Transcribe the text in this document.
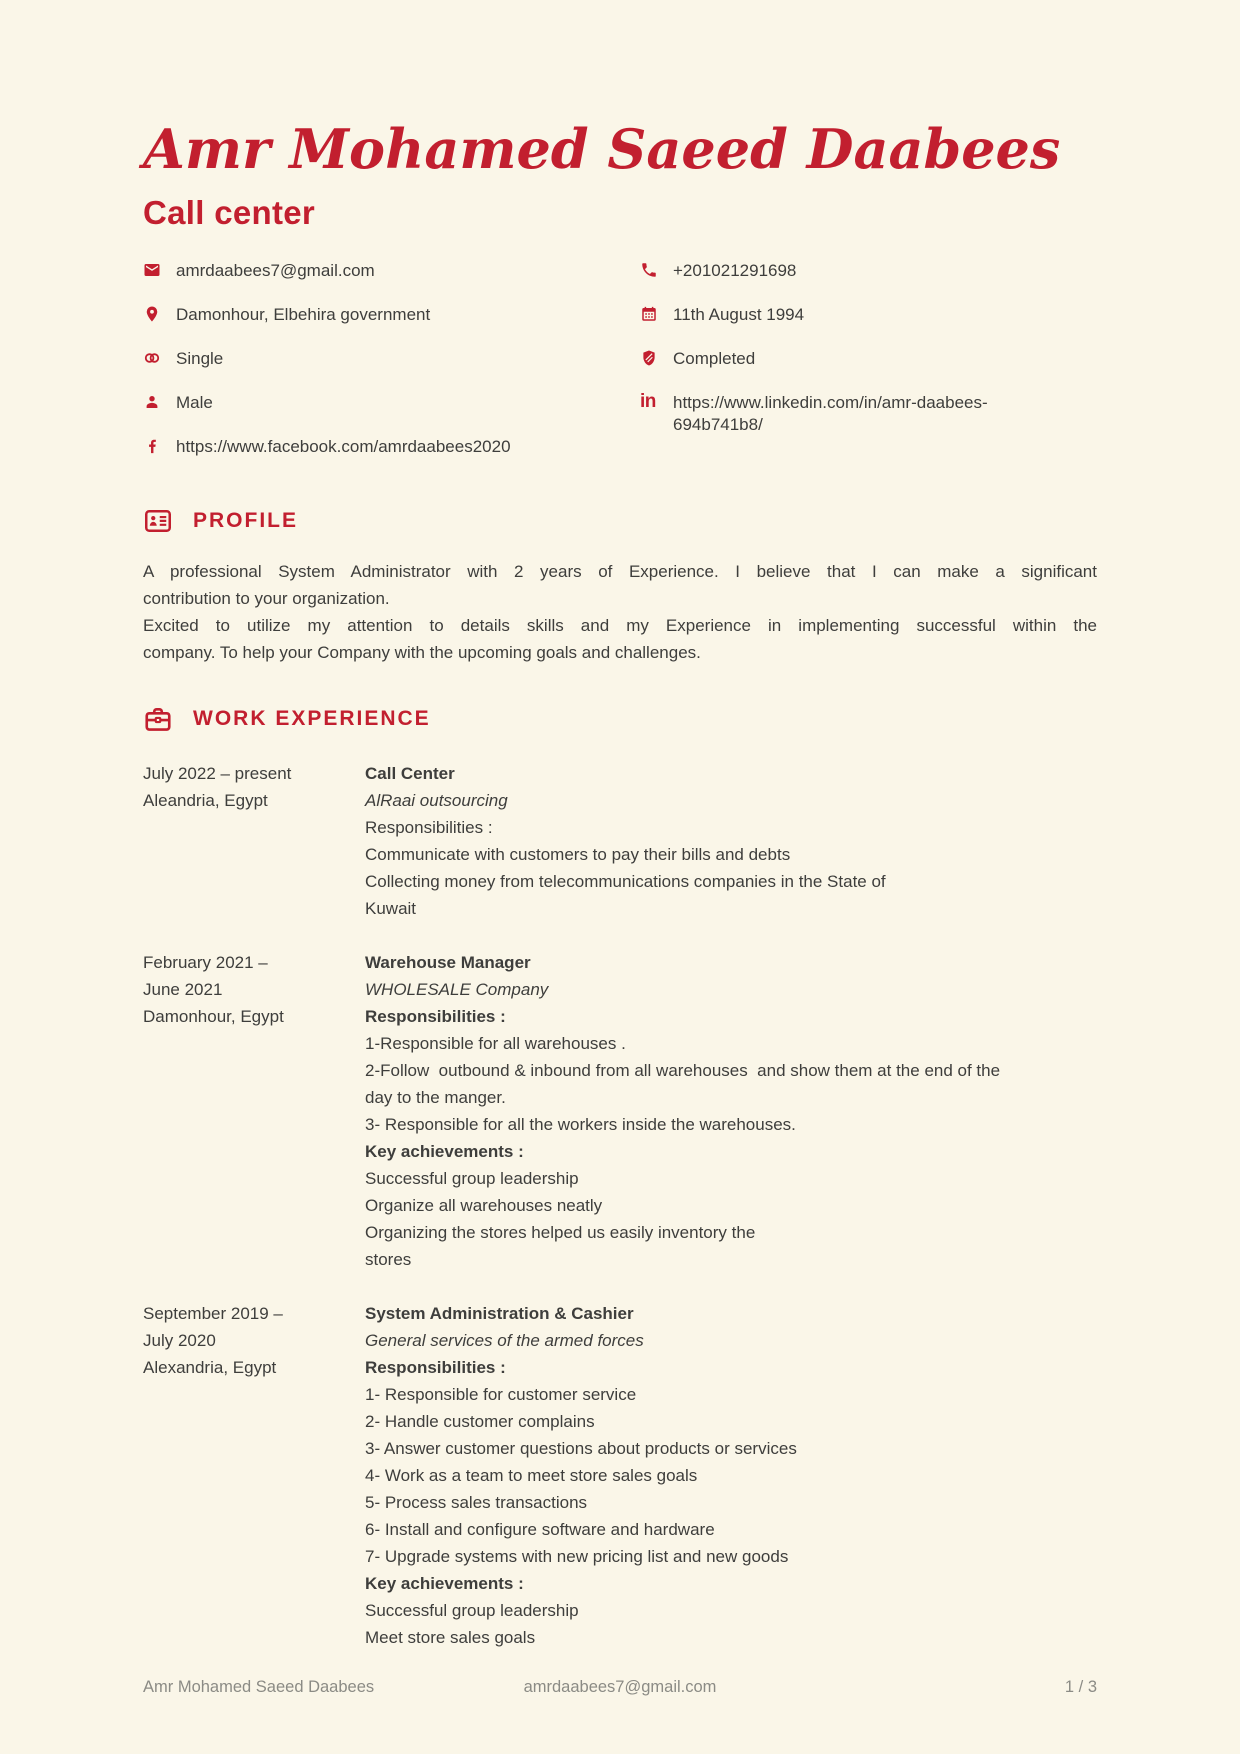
Amr Mohamed Saeed Daabees
Call center
amrdaabees7@gmail.com
Damonhour, Elbehira government
Single
Male
https://www.facebook.com/amrdaabees2020
+201021291698
11th August 1994
Completed
in https://www.linkedin.com/in/amr-daabees-694b741b8/
PROFILE
A professional System Administrator with 2 years of Experience. I believe that I can make a significant
contribution to your organization.
Excited to utilize my attention to details skills and my Experience in implementing successful within the
company. To help your Company with the upcoming goals and challenges.
WORK EXPERIENCE
July 2022 – present
Aleandria, Egypt
Call Center
AlRaai outsourcing
Responsibilities :
Communicate with customers to pay their bills and debts
Collecting money from telecommunications companies in the State of
Kuwait
February 2021 –
June 2021
Damonhour, Egypt
Warehouse Manager
WHOLESALE Company
Responsibilities :
1-Responsible for all warehouses .
2-Follow  outbound & inbound from all warehouses  and show them at the end of the
day to the manger.
3- Responsible for all the workers inside the warehouses.
Key achievements :
Successful group leadership
Organize all warehouses neatly
Organizing the stores helped us easily inventory the
stores
September 2019 –
July 2020
Alexandria, Egypt
System Administration & Cashier
General services of the armed forces
Responsibilities :
1- Responsible for customer service
2- Handle customer complains
3- Answer customer questions about products or services
4- Work as a team to meet store sales goals
5- Process sales transactions
6- Install and configure software and hardware
7- Upgrade systems with new pricing list and new goods
Key achievements :
Successful group leadership
Meet store sales goals
Amr Mohamed Saeed Daabees	amrdaabees7@gmail.com	1 / 3
